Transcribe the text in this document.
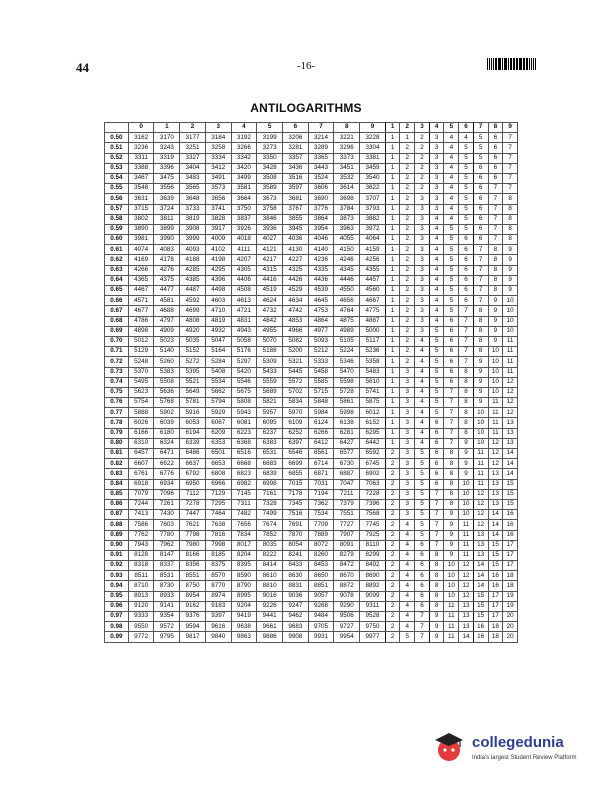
44	-16-
ANTILOGARITHMS
	0	1	2	3	4	5	6	7	8	9	1	2	3	4	5	6	7	8	9
0.50	3162	3170	3177	3184	3192	3199	3206	3214	3221	3228	1	1	2	3	4	4	5	6	7
0.51	3236	3243	3251	3258	3266	3273	3281	3289	3296	3304	1	2	2	3	4	5	5	6	7
0.52	3311	3319	3327	3334	3342	3350	3357	3365	3373	3381	1	2	2	3	4	5	5	6	7
0.53	3388	3396	3404	3412	3420	3428	3436	3443	3451	3459	1	2	2	3	4	5	6	6	7
0.54	3467	3475	3483	3491	3499	3508	3516	3524	3532	3540	1	2	2	3	4	5	6	6	7
0.55	3548	3556	3565	3573	3581	3589	3597	3606	3614	3622	1	2	2	3	4	5	6	7	7
0.56	3631	3639	3648	3656	3664	3673	3681	3690	3698	3707	1	2	3	3	4	5	6	7	8
0.57	3715	3724	3733	3741	3750	3758	3767	3776	3784	3793	1	2	3	3	4	5	6	7	8
0.58	3802	3811	3819	3828	3837	3846	3855	3864	3873	3882	1	2	3	4	4	5	6	7	8
0.59	3890	3899	3908	3917	3926	3936	3945	3954	3963	3972	1	2	3	4	5	5	6	7	8
0.60	3981	3990	3999	4009	4018	4027	4036	4046	4055	4064	1	2	3	4	5	6	6	7	8
0.61	4074	4083	4093	4102	4111	4121	4130	4140	4150	4159	1	2	3	4	5	6	7	8	9
0.62	4169	4178	4188	4198	4207	4217	4227	4236	4246	4256	1	2	3	4	5	6	7	8	9
0.63	4266	4276	4285	4295	4305	4315	4325	4335	4345	4355	1	2	3	4	5	6	7	8	9
0.64	4365	4375	4385	4396	4406	4416	4426	4436	4446	4457	1	2	3	4	5	6	7	8	9
0.65	4467	4477	4487	4498	4508	4519	4529	4539	4550	4560	1	2	3	4	5	6	7	8	9
0.66	4571	4581	4592	4603	4613	4624	4634	4645	4656	4667	1	2	3	4	5	6	7	9	10
0.67	4677	4688	4699	4710	4721	4732	4742	4753	4764	4775	1	2	3	4	5	7	8	9	10
0.68	4786	4797	4808	4819	4831	4842	4853	4864	4875	4887	1	2	3	4	6	7	8	9	10
0.69	4898	4909	4920	4932	4943	4955	4966	4977	4989	5000	1	2	3	5	6	7	8	9	10
0.70	5012	5023	5035	5047	5058	5070	5082	5093	5105	5117	1	2	4	5	6	7	8	9	11
0.71	5129	5140	5152	5164	5176	5188	5200	5212	5224	5236	1	2	4	5	6	7	8	10	11
0.72	5248	5260	5272	5284	5297	5309	5321	5333	5346	5358	1	2	4	5	6	7	9	10	11
0.73	5370	5383	5395	5408	5420	5433	5445	5458	5470	5483	1	3	4	5	6	8	9	10	11
0.74	5495	5508	5521	5534	5546	5559	5572	5585	5598	5610	1	3	4	5	6	8	9	10	12
0.75	5623	5636	5649	5662	5675	5689	5702	5715	5728	5741	1	3	4	5	7	8	9	10	12
0.76	5754	5768	5781	5794	5808	5821	5834	5848	5861	5875	1	3	4	5	7	8	9	11	12
0.77	5888	5902	5916	5929	5943	5957	5970	5984	5998	6012	1	3	4	5	7	8	10	11	12
0.78	6026	6039	6053	6067	6081	6095	6109	6124	6138	6152	1	3	4	6	7	8	10	11	13
0.79	6166	6180	6194	6209	6223	6237	6252	6266	6281	6295	1	3	4	6	7	8	10	11	13
0.80	6310	6324	6339	6353	6368	6383	6397	6412	6427	6442	1	3	4	6	7	9	10	12	13
0.81	6457	6471	6486	6501	6516	6531	6546	6561	6577	6592	2	3	5	6	8	9	11	12	14
0.82	6607	6622	6637	6653	6668	6683	6699	6714	6730	6745	2	3	5	6	8	9	11	12	14
0.83	6761	6776	6792	6808	6823	6839	6855	6871	6887	6902	2	3	5	6	8	9	11	13	14
0.84	6918	6934	6950	6966	6982	6998	7015	7031	7047	7063	2	3	5	6	8	10	11	13	15
0.85	7079	7096	7112	7129	7145	7161	7178	7194	7211	7228	2	3	5	7	8	10	12	13	15
0.86	7244	7261	7278	7295	7311	7328	7345	7362	7379	7396	2	3	5	7	8	10	12	13	15
0.87	7413	7430	7447	7464	7482	7499	7516	7534	7551	7568	2	3	5	7	9	10	12	14	16
0.88	7586	7603	7621	7638	7656	7674	7691	7709	7727	7745	2	4	5	7	9	11	12	14	16
0.89	7762	7780	7798	7816	7834	7852	7870	7889	7907	7925	2	4	5	7	9	11	13	14	16
0.90	7943	7962	7980	7998	8017	8035	8054	8072	8091	8110	2	4	6	7	9	11	13	15	17
0.91	8128	8147	8166	8185	8204	8222	8241	8260	8279	8299	2	4	6	8	9	11	13	15	17
0.92	8318	8337	8356	8375	8395	8414	8433	8453	8472	8492	2	4	6	8	10	12	14	15	17
0.93	8511	8531	8551	8570	8590	8610	8630	8650	8670	8690	2	4	6	8	10	12	14	16	18
0.94	8710	8730	8750	8770	8790	8810	8831	8851	8872	8892	2	4	6	8	10	12	14	16	18
0.95	8913	8933	8954	8974	8995	9016	9036	9057	9078	9099	2	4	6	8	10	12	15	17	19
0.96	9120	9141	9162	9183	9204	9226	9247	9268	9290	9311	2	4	6	8	11	13	15	17	19
0.97	9333	9354	9376	9397	9419	9441	9462	9484	9506	9528	2	4	7	9	11	13	15	17	20
0.98	9550	9572	9594	9616	9638	9661	9683	9705	9727	9750	2	4	7	9	11	13	16	18	20
0.99	9772	9795	9817	9840	9863	9886	9908	9931	9954	9977	2	5	7	9	11	14	16	18	20
collegedunia
India's largest Student Review Platform
